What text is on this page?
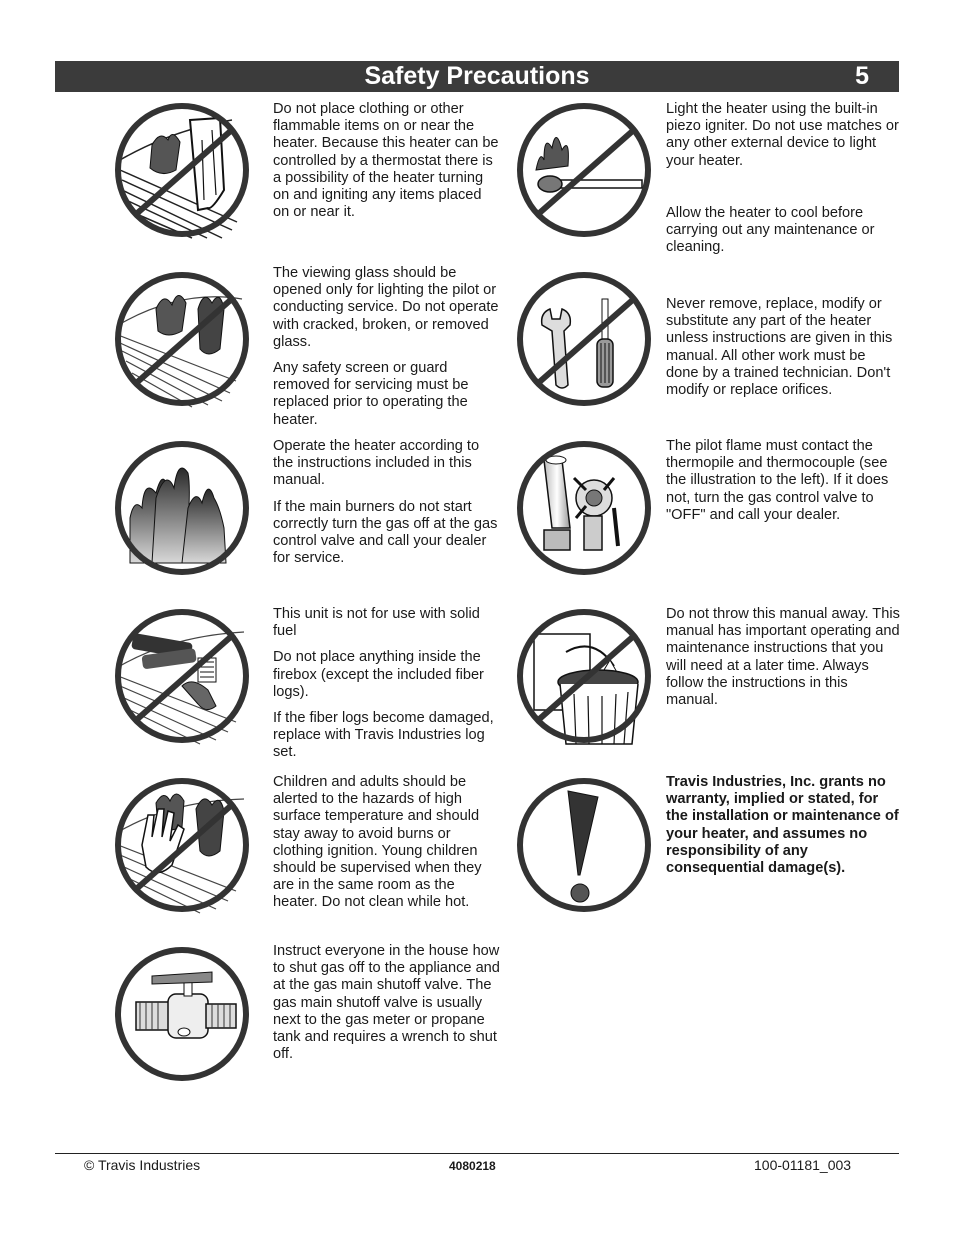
Safety Precautions	5

Do not place clothing or other flammable items on or near the heater. Because this heater can be controlled by a thermostat there is a possibility of the heater turning on and igniting any items placed on or near it.

The viewing glass should be opened only for lighting the pilot or conducting service. Do not operate with cracked, broken, or removed glass.

Any safety screen or guard removed for servicing must be replaced prior to operating the heater.

Operate the heater according to the instructions included in this manual.

If the main burners do not start correctly turn the gas off at the gas control valve and call your dealer for service.

This unit is not for use with solid fuel

Do not place anything inside the firebox (except the included fiber logs).

If the fiber logs become damaged, replace with Travis Industries log set.

Children and adults should be alerted to the hazards of high surface temperature and should stay away to avoid burns or clothing ignition. Young children should be supervised when they are in the same room as the heater. Do not clean while hot.

Instruct everyone in the house how to shut gas off to the appliance and at the gas main shutoff valve. The gas main shutoff valve is usually next to the gas meter or propane tank and requires a wrench to shut off.

Light the heater using the built-in piezo igniter. Do not use matches or any other external device to light your heater.

Allow the heater to cool before carrying out any maintenance or cleaning.

Never remove, replace, modify or substitute any part of the heater unless instructions are given in this manual. All other work must be done by a trained technician. Don't modify or replace orifices.

The pilot flame must contact the thermopile and thermocouple (see the illustration to the left). If it does not, turn the gas control valve to "OFF" and call your dealer.

Do not throw this manual away. This manual has important operating and maintenance instructions that you will need at a later time. Always follow the instructions in this manual.

Travis Industries, Inc. grants no warranty, implied or stated, for the installation or maintenance of your heater, and assumes no responsibility of any consequential damage(s).

© Travis Industries	4080218	100-01181_003
